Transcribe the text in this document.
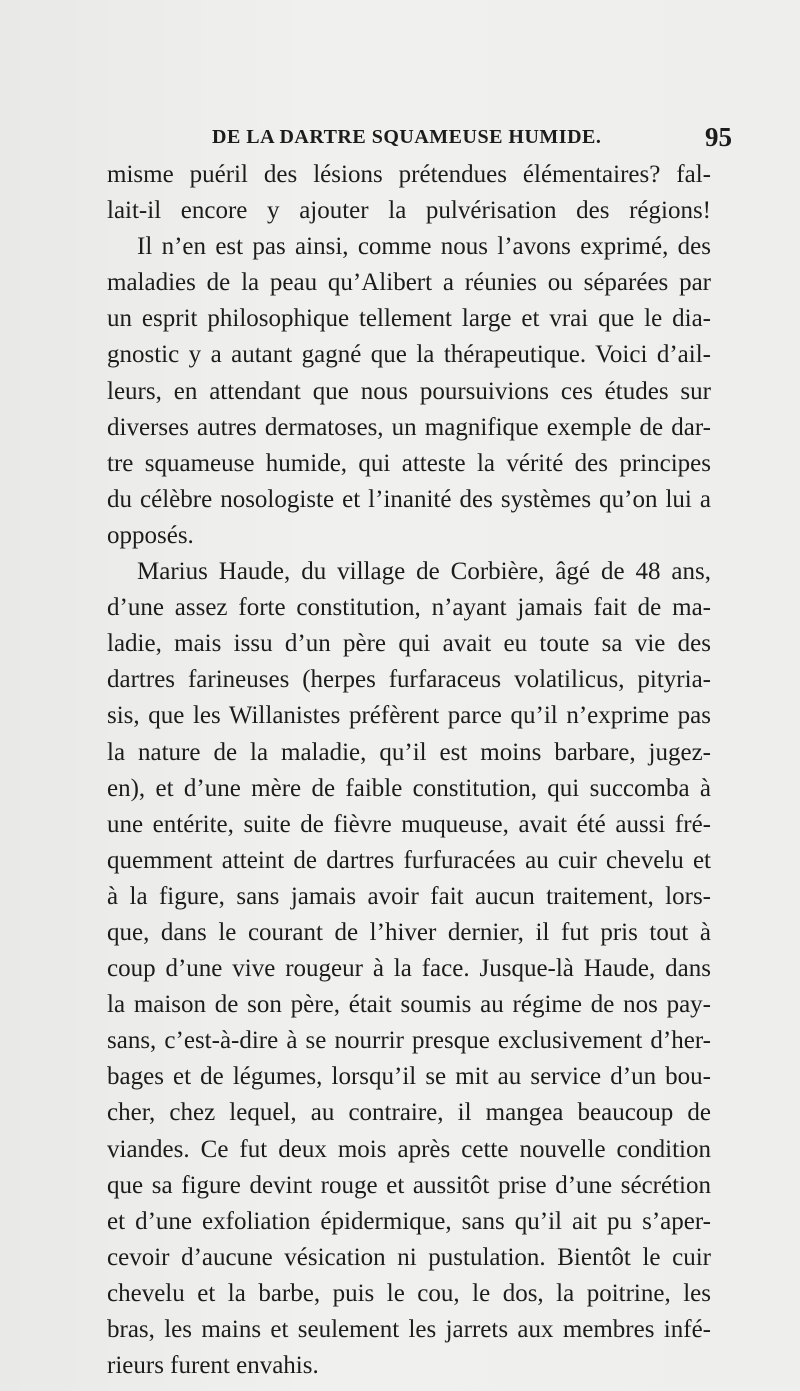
DE LA DARTRE SQUAMEUSE HUMIDE.	95
misme puéril des lésions prétendues élémentaires? fal-
lait-il encore y ajouter la pulvérisation des régions!
Il n’en est pas ainsi, comme nous l’avons exprimé, des
maladies de la peau qu’Alibert a réunies ou séparées par
un esprit philosophique tellement large et vrai que le dia-
gnostic y a autant gagné que la thérapeutique. Voici d’ail-
leurs, en attendant que nous poursuivions ces études sur
diverses autres dermatoses, un magnifique exemple de dar-
tre squameuse humide, qui atteste la vérité des principes
du célèbre nosologiste et l’inanité des systèmes qu’on lui a
opposés.
Marius Haude, du village de Corbière, âgé de 48 ans,
d’une assez forte constitution, n’ayant jamais fait de ma-
ladie, mais issu d’un père qui avait eu toute sa vie des
dartres farineuses (herpes furfaraceus volatilicus, pityria-
sis, que les Willanistes préfèrent parce qu’il n’exprime pas
la nature de la maladie, qu’il est moins barbare, jugez-
en), et d’une mère de faible constitution, qui succomba à
une entérite, suite de fièvre muqueuse, avait été aussi fré-
quemment atteint de dartres furfuracées au cuir chevelu et
à la figure, sans jamais avoir fait aucun traitement, lors-
que, dans le courant de l’hiver dernier, il fut pris tout à
coup d’une vive rougeur à la face. Jusque-là Haude, dans
la maison de son père, était soumis au régime de nos pay-
sans, c’est-à-dire à se nourrir presque exclusivement d’her-
bages et de légumes, lorsqu’il se mit au service d’un bou-
cher, chez lequel, au contraire, il mangea beaucoup de
viandes. Ce fut deux mois après cette nouvelle condition
que sa figure devint rouge et aussitôt prise d’une sécrétion
et d’une exfoliation épidermique, sans qu’il ait pu s’aper-
cevoir d’aucune vésication ni pustulation. Bientôt le cuir
chevelu et la barbe, puis le cou, le dos, la poitrine, les
bras, les mains et seulement les jarrets aux membres infé-
rieurs furent envahis.
